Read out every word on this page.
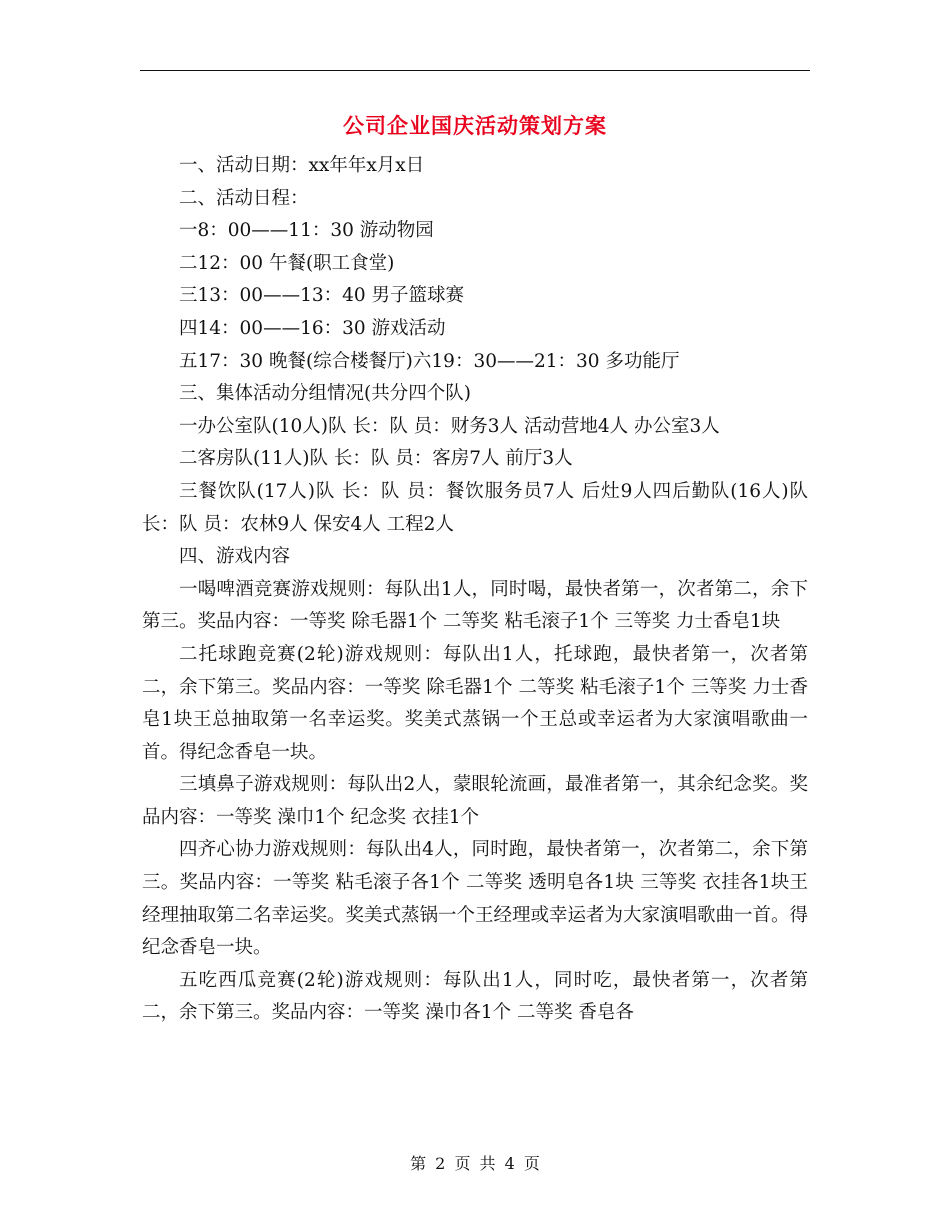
公司企业国庆活动策划方案

一、活动日期：xx年年x月x日

二、活动日程：

一8：00——11：30 游动物园

二12：00 午餐(职工食堂)

三13：00——13：40 男子篮球赛

四14：00——16：30 游戏活动

五17：30 晚餐(综合楼餐厅)六19：30——21：30 多功能厅

三、集体活动分组情况(共分四个队)

一办公室队(10人)队 长：队 员：财务3人 活动营地4人 办公室3人

二客房队(11人)队 长：队 员：客房7人 前厅3人

三餐饮队(17人)队 长：队 员：餐饮服务员7人 后灶9人四后勤队(16人)队 长：队 员：农林9人 保安4人 工程2人

四、游戏内容

一喝啤酒竞赛游戏规则：每队出1人，同时喝，最快者第一，次者第二，余下第三。奖品内容：一等奖 除毛器1个 二等奖 粘毛滚子1个 三等奖 力士香皂1块

二托球跑竞赛(2轮)游戏规则：每队出1人，托球跑，最快者第一，次者第二，余下第三。奖品内容：一等奖 除毛器1个 二等奖 粘毛滚子1个 三等奖 力士香皂1块王总抽取第一名幸运奖。奖美式蒸锅一个王总或幸运者为大家演唱歌曲一首。得纪念香皂一块。

三填鼻子游戏规则：每队出2人，蒙眼轮流画，最准者第一，其余纪念奖。奖品内容：一等奖 澡巾1个 纪念奖 衣挂1个

四齐心协力游戏规则：每队出4人，同时跑，最快者第一，次者第二，余下第三。奖品内容：一等奖 粘毛滚子各1个 二等奖 透明皂各1块 三等奖 衣挂各1块王经理抽取第二名幸运奖。奖美式蒸锅一个王经理或幸运者为大家演唱歌曲一首。得纪念香皂一块。

五吃西瓜竞赛(2轮)游戏规则：每队出1人，同时吃，最快者第一，次者第二，余下第三。奖品内容：一等奖 澡巾各1个 二等奖 香皂各

第 2 页 共 4 页
